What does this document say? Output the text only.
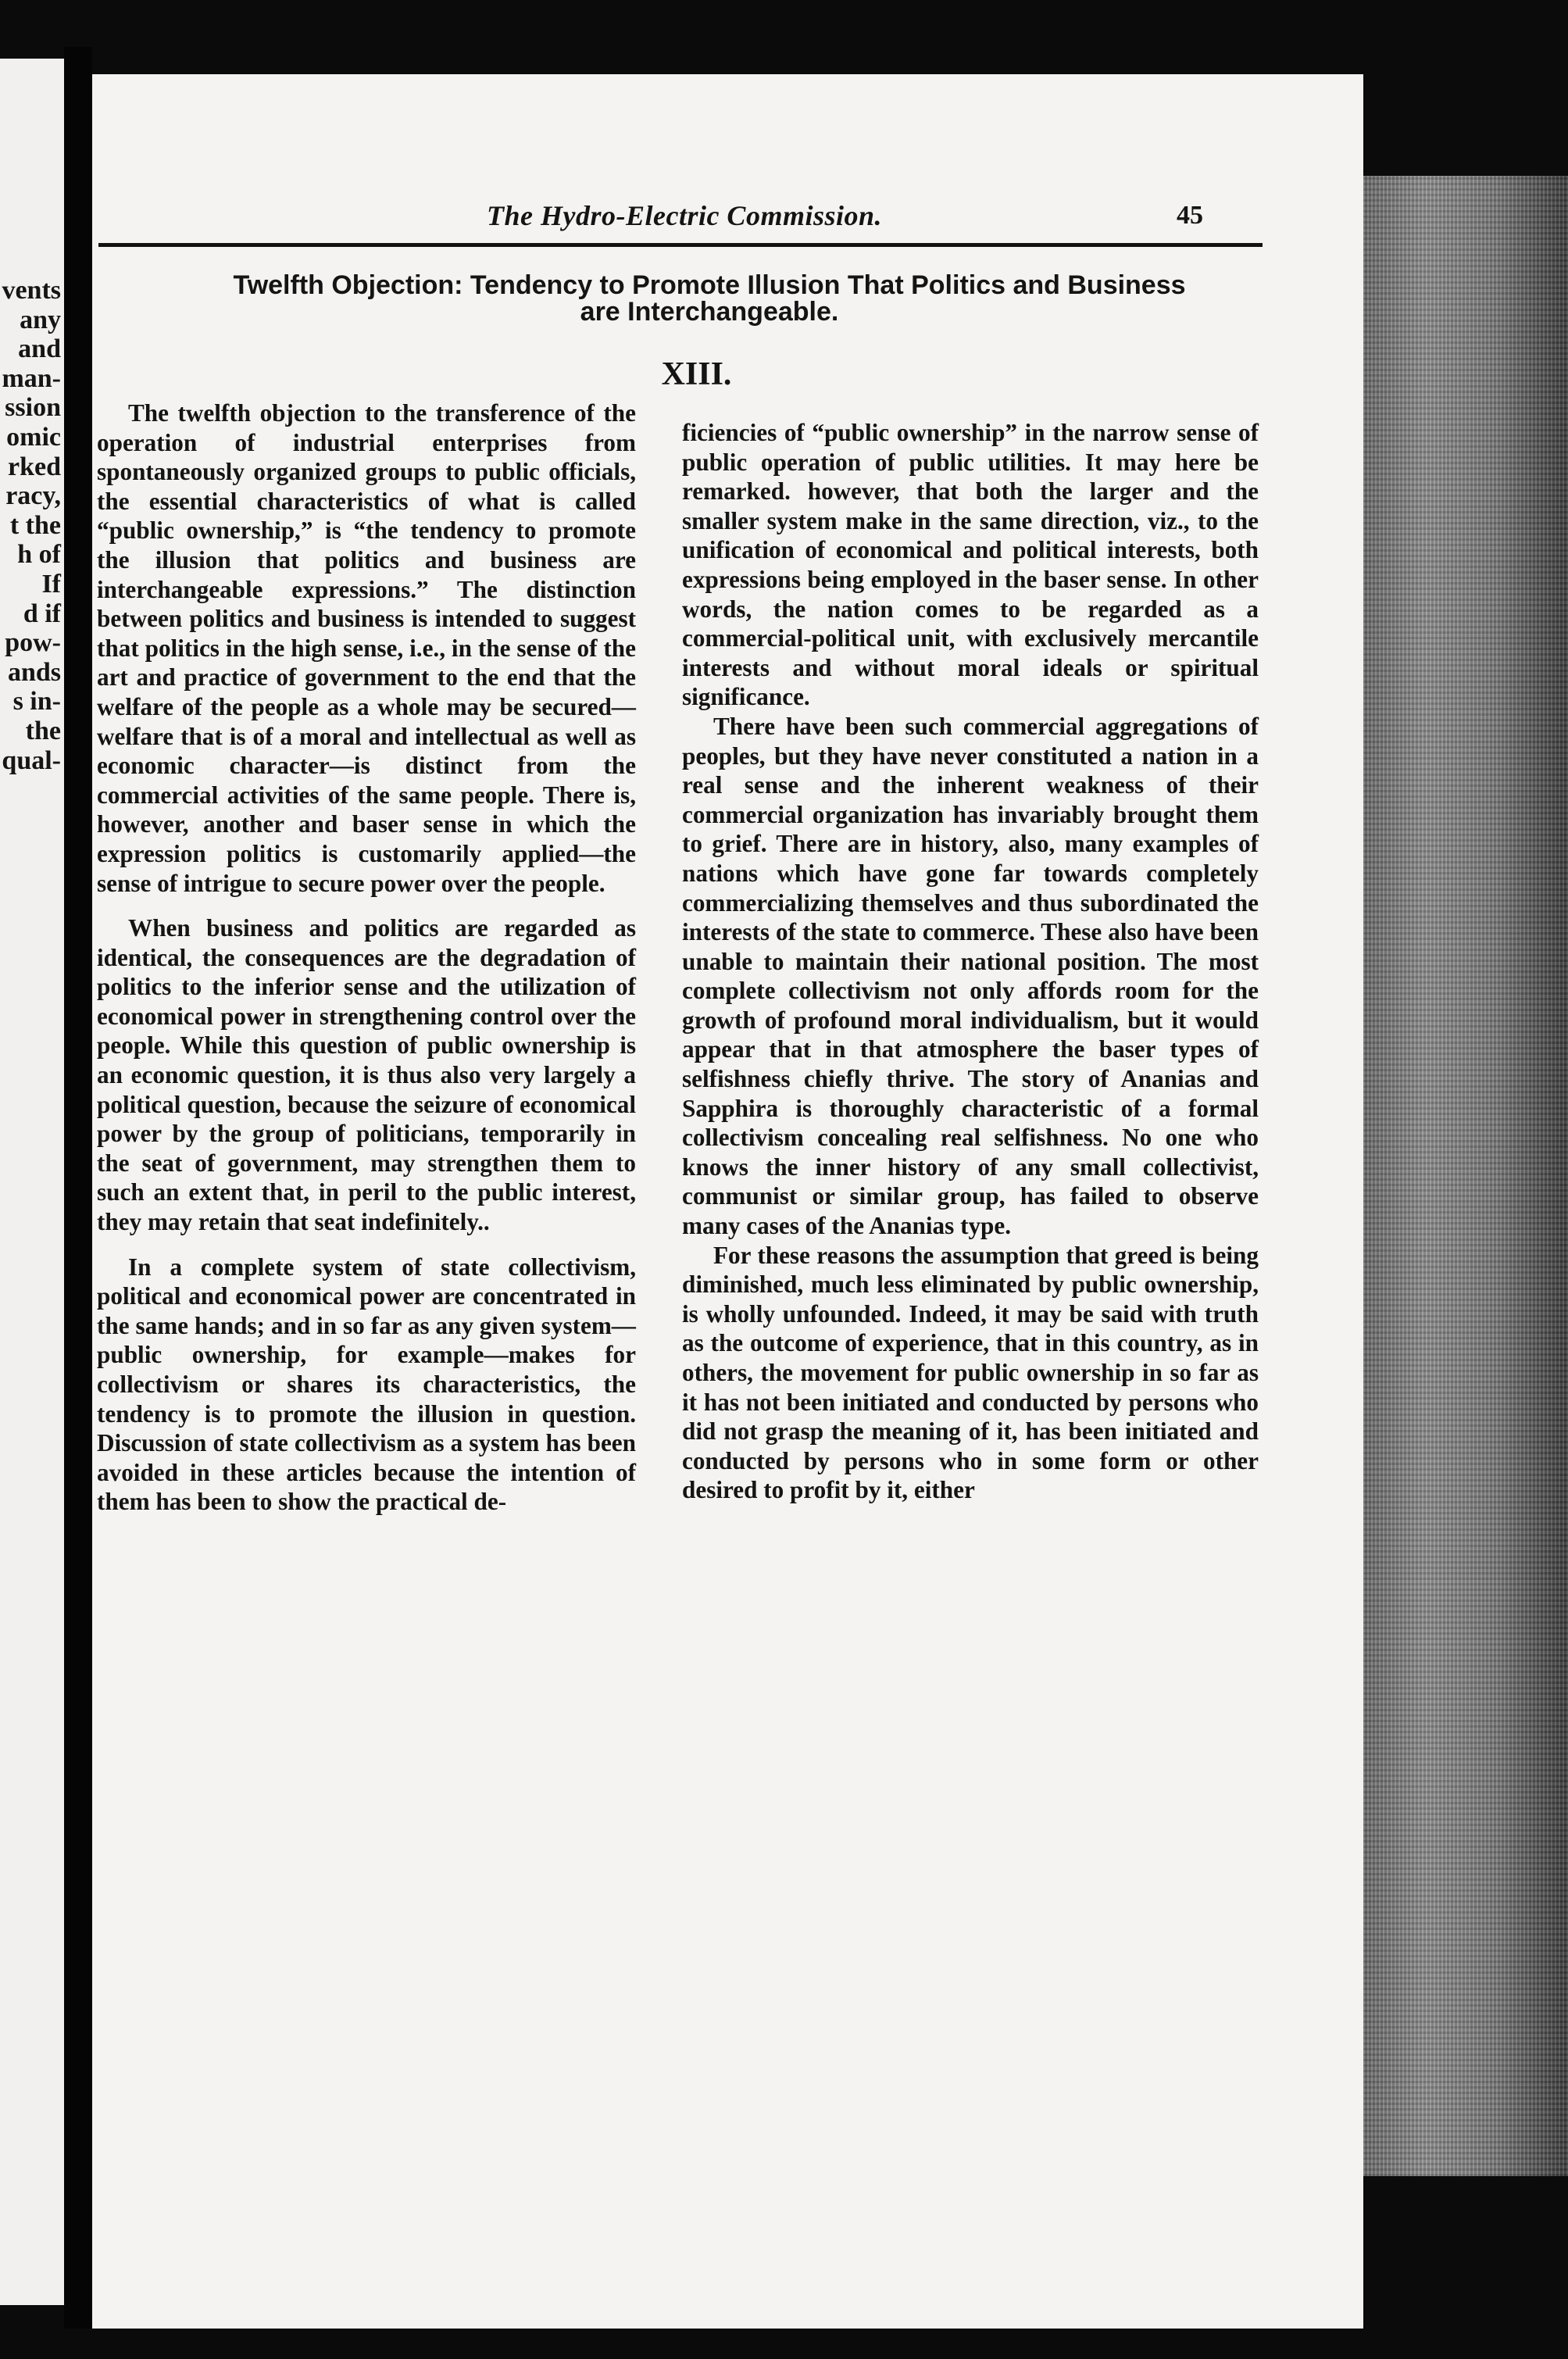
vents
any
and
man-
ssion
omic
rked
racy,
t the
h of
If
d if
pow-
ands
s in-
the
qual-
The Hydro-Electric Commission.	45
Twelfth Objection: Tendency to Promote Illusion That Politics and Business
are Interchangeable.
XIII.

The twelfth objection to the transference of the operation of industrial enterprises from spontaneously organized groups to public officials, the essential characteristics of what is called “public ownership,” is “the tendency to promote the illusion that politics and business are interchangeable expressions.” The distinction between politics and business is intended to suggest that politics in the high sense, i.e., in the sense of the art and practice of government to the end that the welfare of the people as a whole may be secured—welfare that is of a moral and intellectual as well as economic character—is distinct from the commercial activities of the same people. There is, however, another and baser sense in which the expression politics is customarily applied—the sense of intrigue to secure power over the people.

When business and politics are regarded as identical, the consequences are the degradation of politics to the inferior sense and the utilization of economical power in strengthening control over the people. While this question of public ownership is an economic question, it is thus also very largely a political question, because the seizure of economical power by the group of politicians, temporarily in the seat of government, may strengthen them to such an extent that, in peril to the public interest, they may retain that seat indefinitely..

In a complete system of state collectivism, political and economical power are concentrated in the same hands; and in so far as any given system—public ownership, for example—makes for collectivism or shares its characteristics, the tendency is to promote the illusion in question. Discussion of state collectivism as a system has been avoided in these articles because the intention of them has been to show the practical de-

ficiencies of “public ownership” in the narrow sense of public operation of public utilities. It may here be remarked. however, that both the larger and the smaller system make in the same direction, viz., to the unification of economical and political interests, both expressions being employed in the baser sense. In other words, the nation comes to be regarded as a commercial-political unit, with exclusively mercantile interests and without moral ideals or spiritual significance.

There have been such commercial aggregations of peoples, but they have never constituted a nation in a real sense and the inherent weakness of their commercial organization has invariably brought them to grief. There are in history, also, many examples of nations which have gone far towards completely commercializing themselves and thus subordinated the interests of the state to commerce. These also have been unable to maintain their national position. The most complete collectivism not only affords room for the growth of profound moral individualism, but it would appear that in that atmosphere the baser types of selfishness chiefly thrive. The story of Ananias and Sapphira is thoroughly characteristic of a formal collectivism concealing real selfishness. No one who knows the inner history of any small collectivist, communist or similar group, has failed to observe many cases of the Ananias type.

For these reasons the assumption that greed is being diminished, much less eliminated by public ownership, is wholly unfounded. Indeed, it may be said with truth as the outcome of experience, that in this country, as in others, the movement for public ownership in so far as it has not been initiated and conducted by persons who did not grasp the meaning of it, has been initiated and conducted by persons who in some form or other desired to profit by it, either
